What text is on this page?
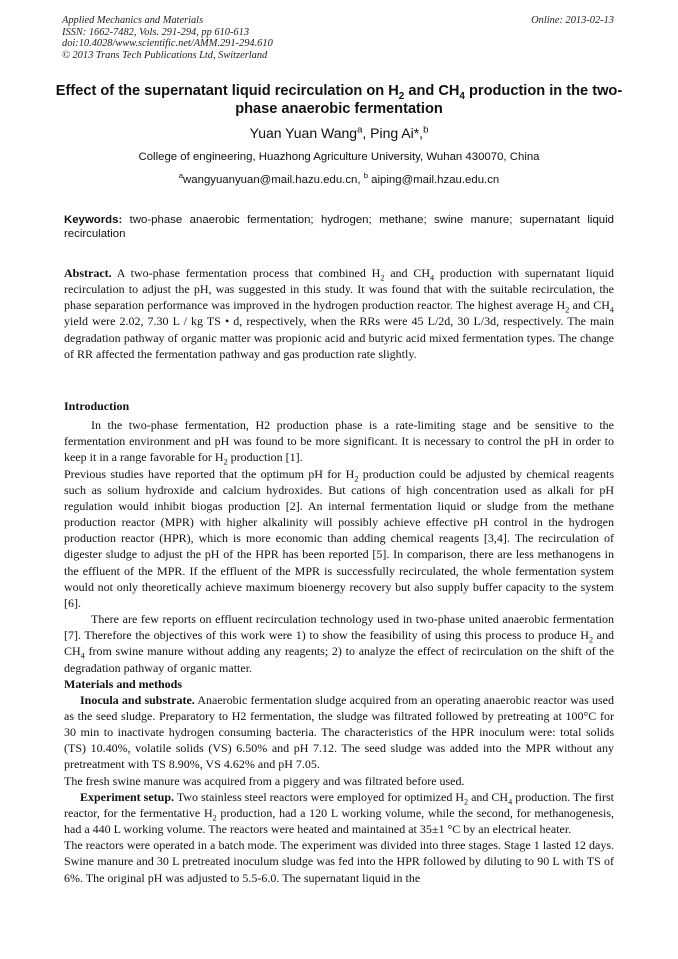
Applied Mechanics and Materials
ISSN: 1662-7482, Vols. 291-294, pp 610-613
doi:10.4028/www.scientific.net/AMM.291-294.610
© 2013 Trans Tech Publications Ltd, Switzerland
Online: 2013-02-13
Effect of the supernatant liquid recirculation on $H_2$ and $CH_4$ production in the two-phase anaerobic fermentation
Yuan Yuan Wang$^a$, Ping Ai*,$^b$
College of engineering, Huazhong Agriculture University, Wuhan 430070, China
$^a$wangyuanyuan@mail.hazu.edu.cn, $^b$ aiping@mail.hzau.edu.cn
Keywords: two-phase anaerobic fermentation; hydrogen; methane; swine manure; supernatant liquid recirculation

Abstract. A two-phase fermentation process that combined $H_2$ and $CH_4$ production with supernatant liquid recirculation to adjust the pH, was suggested in this study. It was found that with the suitable recirculation, the phase separation performance was improved in the hydrogen production reactor. The highest average $H_2$ and $CH_4$ yield were 2.02, 7.30 L / kg TS • d, respectively, when the RRs were 45 L/2d, 30 L/3d, respectively. The main degradation pathway of organic matter was propionic acid and butyric acid mixed fermentation types. The change of RR affected the fermentation pathway and gas production rate slightly.

Introduction

In the two-phase fermentation, H2 production phase is a rate-limiting stage and be sensitive to the fermentation environment and pH was found to be more significant. It is necessary to control the pH in order to keep it in a range favorable for $H_2$ production [1].

Previous studies have reported that the optimum pH for $H_2$ production could be adjusted by chemical reagents such as solium hydroxide and calcium hydroxides. But cations of high concentration used as alkali for pH regulation would inhibit biogas production [2]. An internal fermentation liquid or sludge from the methane production reactor (MPR) with higher alkalinity will possibly achieve effective pH control in the hydrogen production reactor (HPR), which is more economic than adding chemical reagents [3,4]. The recirculation of digester sludge to adjust the pH of the HPR has been reported [5]. In comparison, there are less methanogens in the effluent of the MPR. If the effluent of the MPR is successfully recirculated, the whole fermentation system would not only theoretically achieve maximum bioenergy recovery but also supply buffer capacity to the system [6].

There are few reports on effluent recirculation technology used in two-phase united anaerobic fermentation [7]. Therefore the objectives of this work were 1) to show the feasibility of using this process to produce $H_2$ and $CH_4$ from swine manure without adding any reagents; 2) to analyze the effect of recirculation on the shift of the degradation pathway of organic matter.

Materials and methods

Inocula and substrate. Anaerobic fermentation sludge acquired from an operating anaerobic reactor was used as the seed sludge. Preparatory to H2 fermentation, the sludge was filtrated followed by pretreating at 100°C for 30 min to inactivate hydrogen consuming bacteria. The characteristics of the HPR inoculum were: total solids (TS) 10.40%, volatile solids (VS) 6.50% and pH 7.12. The seed sludge was added into the MPR without any pretreatment with TS 8.90%, VS 4.62% and pH 7.05.

The fresh swine manure was acquired from a piggery and was filtrated before used.

Experiment setup. Two stainless steel reactors were employed for optimized $H_2$ and $CH_4$ production. The first reactor, for the fermentative $H_2$ production, had a 120 L working volume, while the second, for methanogenesis, had a 440 L working volume. The reactors were heated and maintained at 35±1 °C by an electrical heater.

The reactors were operated in a batch mode. The experiment was divided into three stages. Stage 1 lasted 12 days. Swine manure and 30 L pretreated inoculum sludge was fed into the HPR followed by diluting to 90 L with TS of 6%. The original pH was adjusted to 5.5-6.0. The supernatant liquid in the
